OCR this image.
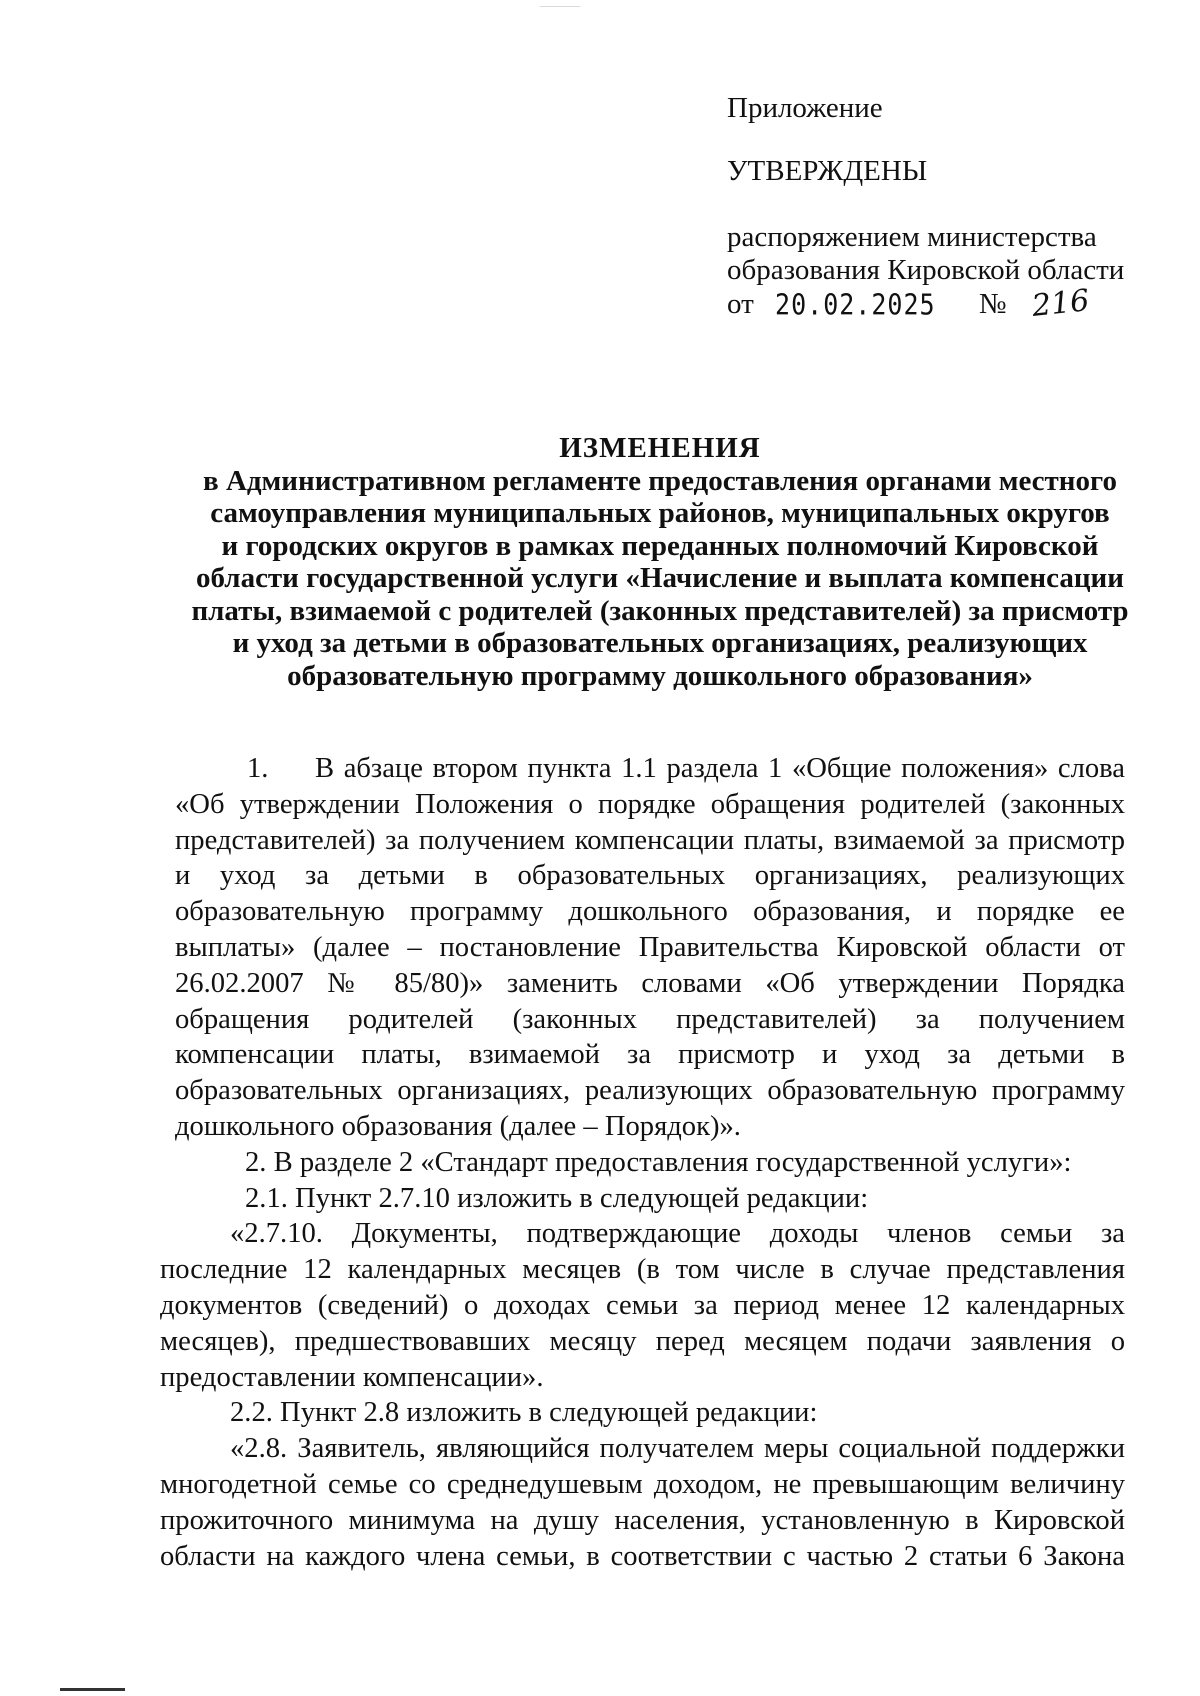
Приложение
УТВЕРЖДЕНЫ
распоряжением министерства
образования Кировской области
от 20.02.2025 № 216
ИЗМЕНЕНИЯ
в Административном регламенте предоставления органами местного
самоуправления муниципальных районов, муниципальных округов
и городских округов в рамках переданных полномочий Кировской
области государственной услуги «Начисление и выплата компенсации
платы, взимаемой с родителей (законных представителей) за присмотр
и уход за детьми в образовательных организациях, реализующих
образовательную программу дошкольного образования»
1. В абзаце втором пункта 1.1 раздела 1 «Общие положения» слова
«Об утверждении Положения о порядке обращения родителей (законных
представителей) за получением компенсации платы, взимаемой за присмотр
и уход за детьми в образовательных организациях, реализующих
образовательную программу дошкольного образования, и порядке ее
выплаты» (далее – постановление Правительства Кировской области от
26.02.2007 № 85/80)» заменить словами «Об утверждении Порядка
обращения родителей (законных представителей) за получением
компенсации платы, взимаемой за присмотр и уход за детьми в
образовательных организациях, реализующих образовательную программу
дошкольного образования (далее – Порядок)».
2. В разделе 2 «Стандарт предоставления государственной услуги»:
2.1. Пункт 2.7.10 изложить в следующей редакции:
«2.7.10. Документы, подтверждающие доходы членов семьи за
последние 12 календарных месяцев (в том числе в случае представления
документов (сведений) о доходах семьи за период менее 12 календарных
месяцев), предшествовавших месяцу перед месяцем подачи заявления о
предоставлении компенсации».
2.2. Пункт 2.8 изложить в следующей редакции:
«2.8. Заявитель, являющийся получателем меры социальной поддержки
многодетной семье со среднедушевым доходом, не превышающим величину
прожиточного минимума на душу населения, установленную в Кировской
области на каждого члена семьи, в соответствии с частью 2 статьи 6 Закона
